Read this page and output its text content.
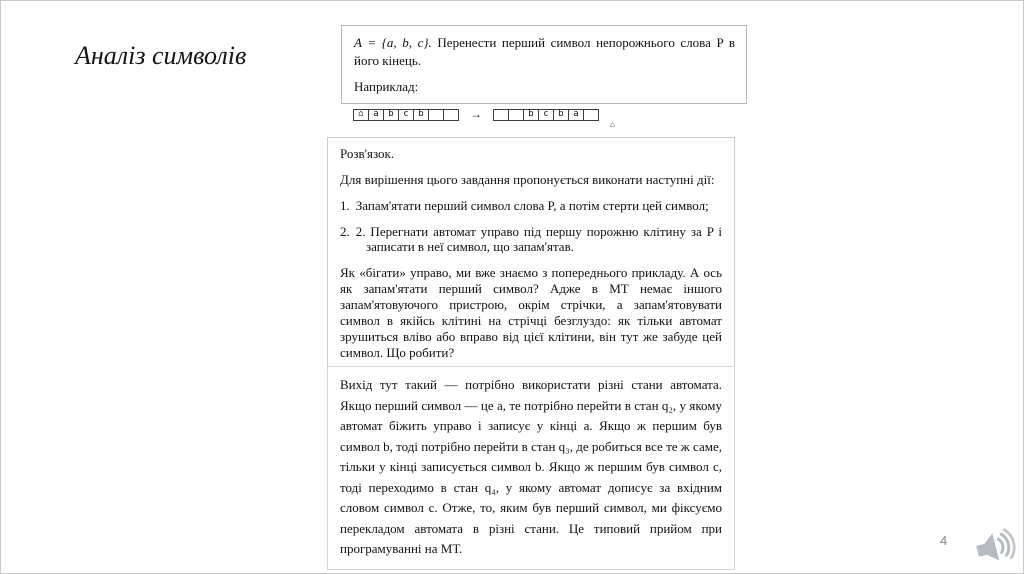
Аналіз символів	A = {a, b, c}. Перенести перший символ непорожнього слова P в його кінець.

Наприклад:

⌂	a	b	c	b	→	b	c	b	a
⌂

Розв'язок.

Для вирішення цього завдання пропонується виконати наступні дії:

1. Запам'ятати перший символ слова P, а потім стерти цей символ;
2. 2. Перегнати автомат управо під першу порожню клітину за P і записати в неї символ, що запам'ятав.

Як «бігати» управо, ми вже знаємо з попереднього прикладу. А ось як запам'ятати перший символ? Адже в МТ немає іншого запам'ятовуючого пристрою, окрім стрічки, а запам'ятовувати символ в якійсь клітині на стрічці безглуздо: як тільки автомат зрушиться вліво або вправо від цієї клітини, він тут же забуде цей символ. Що робити?

Вихід тут такий — потрібно використати різні стани автомата. Якщо перший символ — це a, те потрібно перейти в стан q₂, у якому автомат біжить управо і записує у кінці a. Якщо ж першим був символ b, тоді потрібно перейти в стан q₃, де робиться все те ж саме, тільки у кінці записується символ b. Якщо ж першим був символ c, тоді переходимо в стан q₄, у якому автомат дописує за вхідним словом символ c. Отже, то, яким був перший символ, ми фіксуємо перекладом автомата в різні стани. Це типовий прийом при програмуванні на МТ.

4
